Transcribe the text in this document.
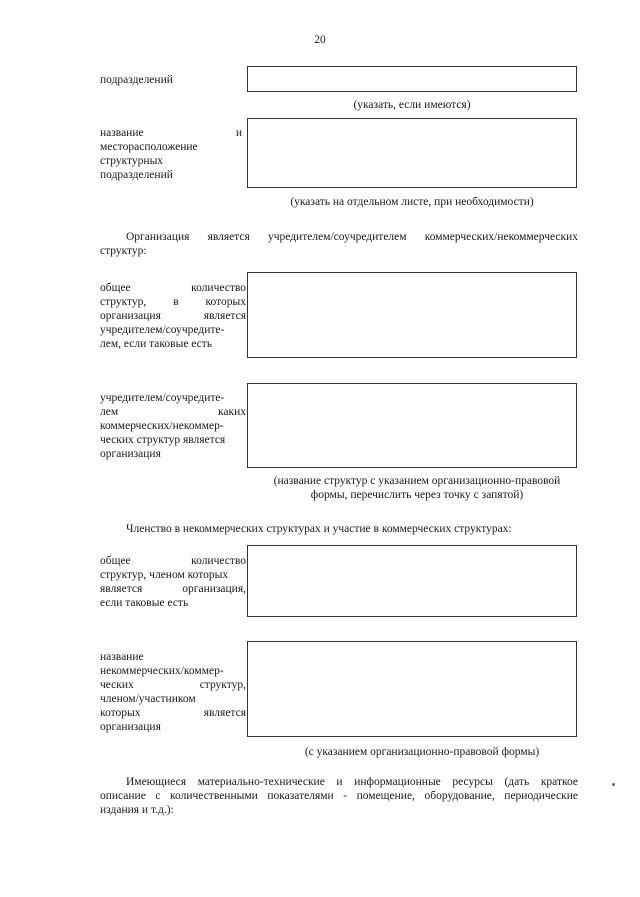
20
подразделений
(указать, если имеются)
название	и
месторасположение
структурных
подразделений
(указать на отдельном листе, при необходимости)
Организация является учредителем/соучредителем коммерческих/некоммерческих
структур:
общее количество
структур, в которых
организация является
учредителем/соучредите-
лем, если таковые есть
учредителем/соучредите-
лем каких
коммерческих/некоммер-
ческих структур является
организация
(название структур с указанием организационно-правовой
формы, перечислить через точку с запятой)
Членство в некоммерческих структурах и участие в коммерческих структурах:
общее количество
структур, членом которых
является организация,
если таковые есть
название
некоммерческих/коммер-
ческих структур,
членом/участником
которых является
организация
(с указанием организационно-правовой формы)
Имеющиеся материально-технические и информационные ресурсы (дать краткое
описание с количественными показателями - помещение, оборудование, периодические
издания и т.д.):
